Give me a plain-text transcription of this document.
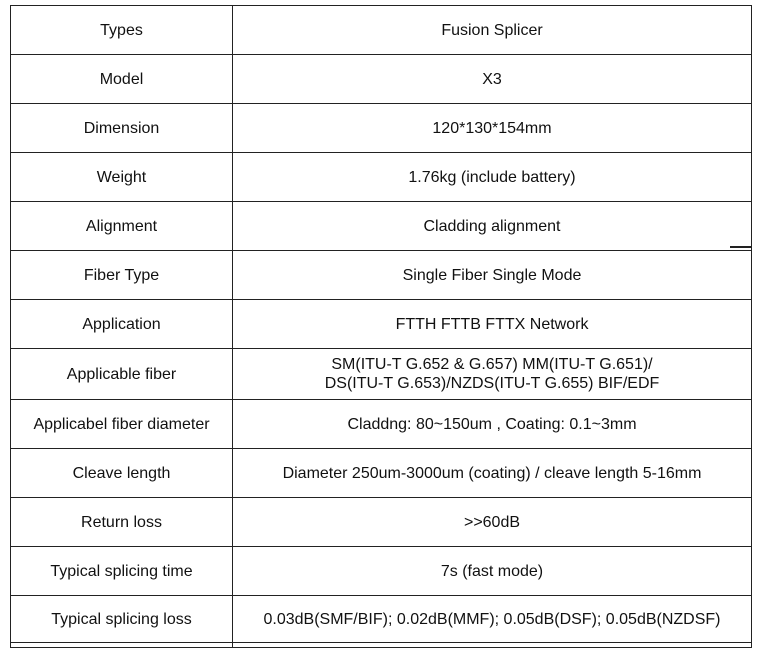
Types	Fusion Splicer
Model	X3
Dimension	120*130*154mm
Weight	1.76kg (include battery)
Alignment	Cladding alignment
Fiber Type	Single Fiber Single Mode
Application	FTTH FTTB FTTX Network
Applicable fiber	SM(ITU-T G.652 & G.657) MM(ITU-T G.651)/
DS(ITU-T G.653)/NZDS(ITU-T G.655) BIF/EDF

Applicabel fiber diameter	Claddng: 80~150um , Coating: 0.1~3mm
Cleave length	Diameter 250um-3000um (coating) / cleave length 5-16mm
Return loss	>>60dB
Typical splicing time	7s (fast mode)
Typical splicing loss	0.03dB(SMF/BIF); 0.02dB(MMF); 0.05dB(DSF); 0.05dB(NZDSF)
